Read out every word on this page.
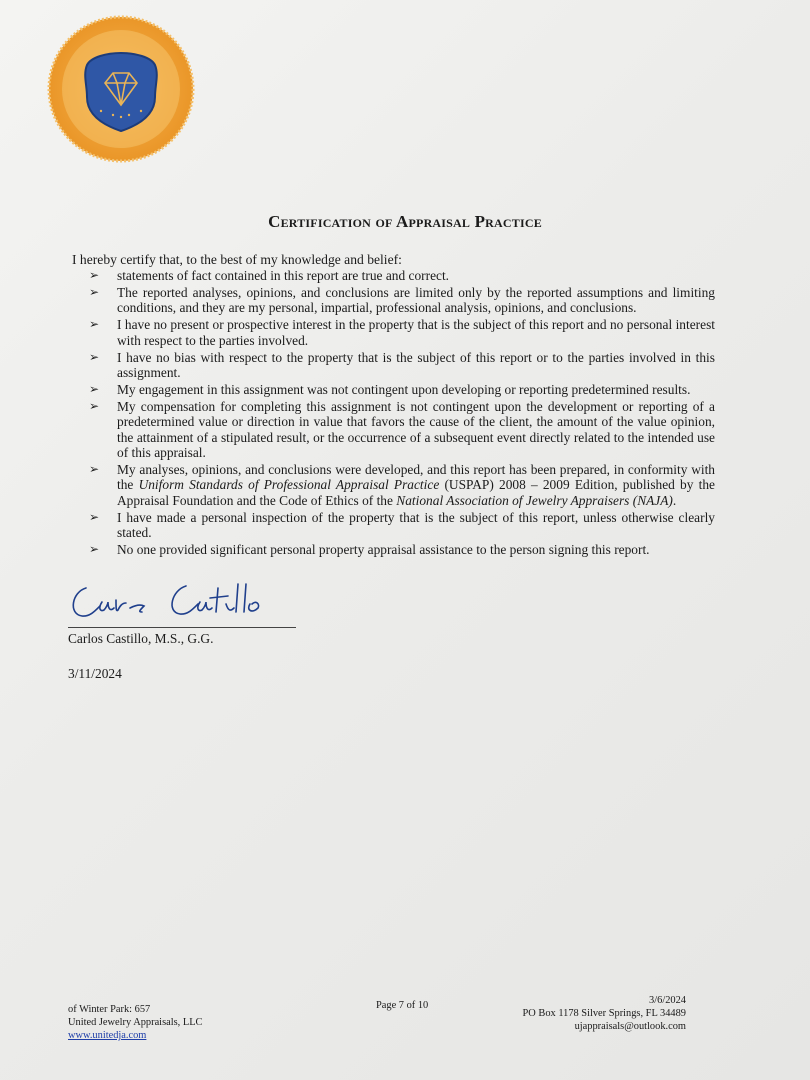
Certification of Appraisal Practice
I hereby certify that, to the best of my knowledge and belief:
➢	statements of fact contained in this report are true and correct.
➢	The reported analyses, opinions, and conclusions are limited only by the reported assumptions and limiting conditions, and they are my personal, impartial, professional analysis, opinions, and conclusions.
➢	I have no present or prospective interest in the property that is the subject of this report and no personal interest with respect to the parties involved.
➢	I have no bias with respect to the property that is the subject of this report or to the parties involved in this assignment.
➢	My engagement in this assignment was not contingent upon developing or reporting predetermined results.
➢	My compensation for completing this assignment is not contingent upon the development or reporting of a predetermined value or direction in value that favors the cause of the client, the amount of the value opinion, the attainment of a stipulated result, or the occurrence of a subsequent event directly related to the intended use of this appraisal.
➢	My analyses, opinions, and conclusions were developed, and this report has been prepared, in conformity with the Uniform Standards of Professional Appraisal Practice (USPAP) 2008 – 2009 Edition, published by the Appraisal Foundation and the Code of Ethics of the National Association of Jewelry Appraisers (NAJA).
➢	I have made a personal inspection of the property that is the subject of this report, unless otherwise clearly stated.
➢	No one provided significant personal property appraisal assistance to the person signing this report.
Carlos Castillo, M.S., G.G.
3/11/2024
of Winter Park: 657
United Jewelry Appraisals, LLC
www.unitedja.com
Page 7 of 10	3/6/2024
PO Box 1178 Silver Springs, FL 34489
ujappraisals@outlook.com
